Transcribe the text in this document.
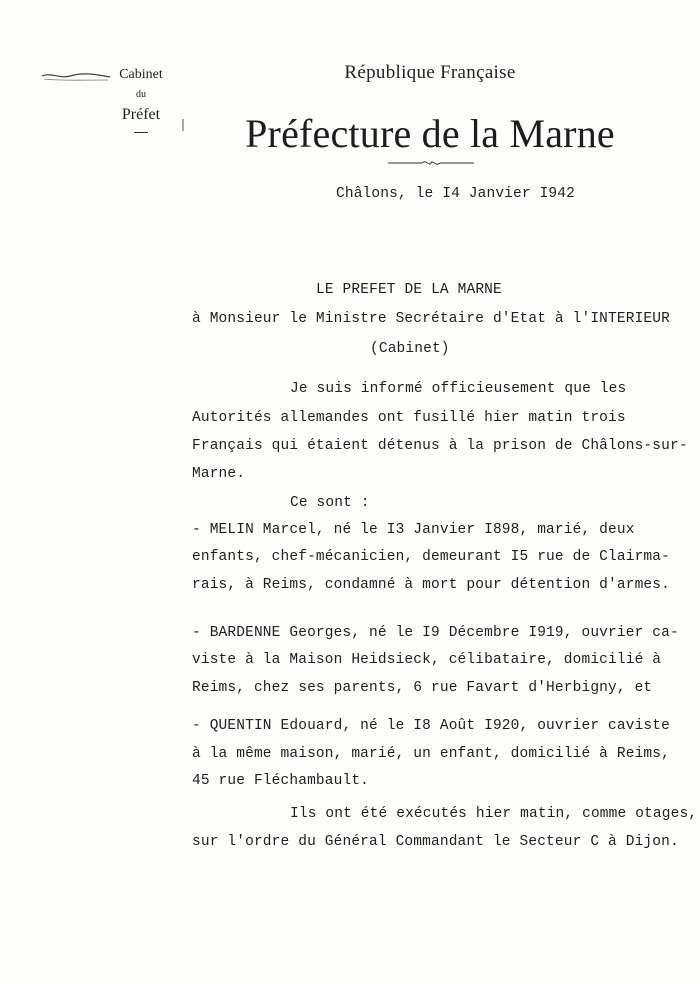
Cabinet
du
Préfet
République Française
Préfecture de la Marne
Châlons, le I4 Janvier I942
LE PREFET DE LA MARNE
à Monsieur le Ministre Secrétaire d'Etat à l'INTERIEUR
(Cabinet)
Je suis informé officieusement que les
Autorités allemandes ont fusillé hier matin trois
Français qui étaient détenus à la prison de Châlons-sur-
Marne.
Ce sont :
- MELIN Marcel, né le I3 Janvier I898, marié, deux
enfants, chef-mécanicien, demeurant I5 rue de Clairma-
rais, à Reims, condamné à mort pour détention d'armes.
- BARDENNE Georges, né le I9 Décembre I919, ouvrier ca-
viste à la Maison Heidsieck, célibataire, domicilié à
Reims, chez ses parents, 6 rue Favart d'Herbigny, et
- QUENTIN Edouard, né le I8 Août I920, ouvrier caviste
à la même maison, marié, un enfant, domicilié à Reims,
45 rue Fléchambault.
Ils ont été exécutés hier matin, comme otages,
sur l'ordre du Général Commandant le Secteur C à Dijon.
